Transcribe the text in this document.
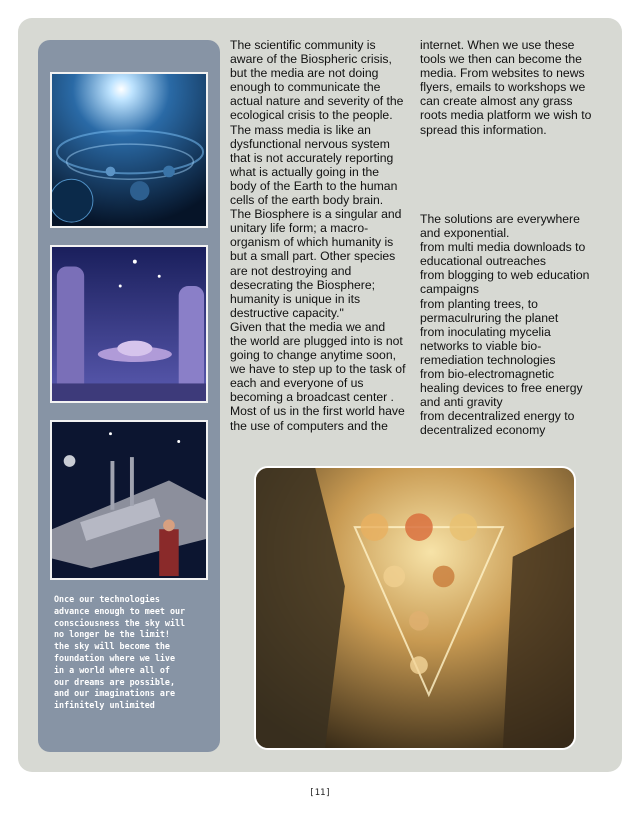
Once our technologies
advance enough to meet our
consciousness the sky will
no longer be the limit!
the sky will become the
foundation where we live
in a world where all of
our dreams are possible,
and our imaginations are
infinitely unlimited
The scientific community is
aware of the Biospheric crisis,
but the media are not doing
enough to communicate the
actual nature and severity of the
ecological crisis to the people.
The mass media is like an
dysfunctional nervous system
that is not accurately reporting
what is actually going in the
body of the Earth to the human
cells of the earth body brain.
The Biosphere is a singular and
unitary life form; a macro-
organism of which humanity is
but a small part. Other species
are not destroying and
desecrating the Biosphere;
humanity is unique in its
destructive capacity."
Given that the media we and
the world are plugged into is not
going to change anytime soon,
we have to step up to the task of
each and everyone of us
becoming a broadcast center .
Most of us in the first world have
the use of computers and the
internet. When we use these
tools we then can become the
media. From websites to news
flyers, emails to workshops we
can create almost any grass
roots media platform we wish to
spread this information.
The solutions are everywhere
and exponential.
from multi media downloads to
educational outreaches
from blogging to web education
campaigns
from planting trees, to
permaculruring the planet
from inoculating mycelia
networks to viable bio-
remediation technologies
from bio-electromagnetic
healing devices to free energy
and anti gravity
from decentralized energy to
decentralized economy
[11]
